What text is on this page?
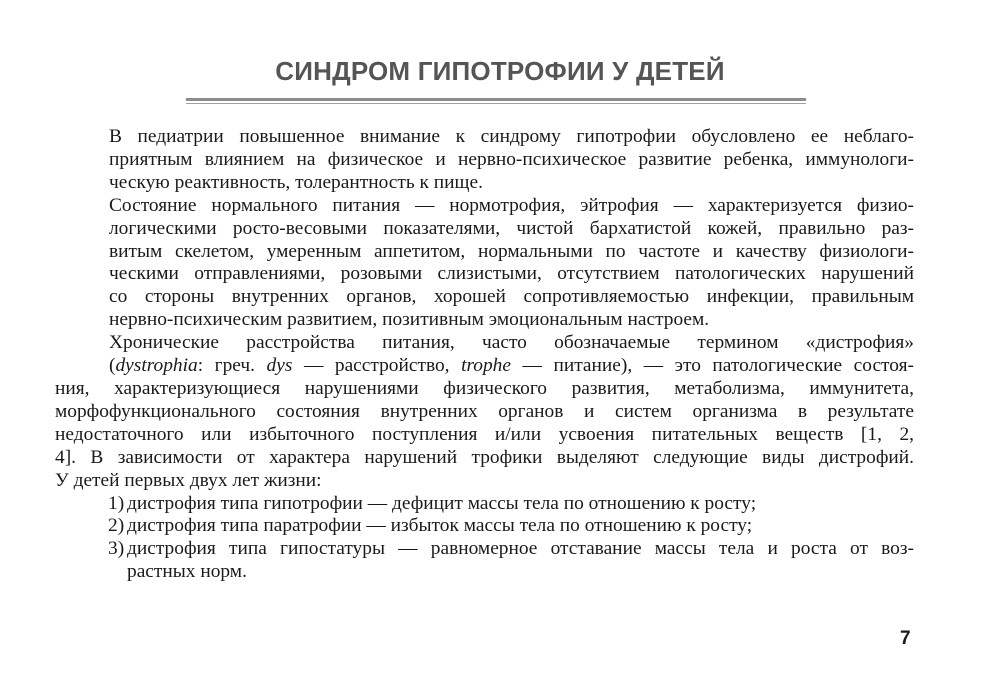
СИНДРОМ ГИПОТРОФИИ У ДЕТЕЙ

В педиатрии повышенное внимание к синдрому гипотрофии обусловлено ее неблаго-
приятным влиянием на физическое и нервно-психическое развитие ребенка, иммунологи-
ческую реактивность, толерантность к пище.

Состояние нормального питания — нормотрофия, эйтрофия — характеризуется физио-
логическими росто-весовыми показателями, чистой бархатистой кожей, правильно раз-
витым скелетом, умеренным аппетитом, нормальными по частоте и качеству физиологи-
ческими отправлениями, розовыми слизистыми, отсутствием патологических нарушений
со стороны внутренних органов, хорошей сопротивляемостью инфекции, правильным
нервно-психическим развитием, позитивным эмоциональным настроем.

Хронические расстройства питания, часто обозначаемые термином «дистрофия»
(dystrophia: греч. dys — расстройство, trophe — питание), — это патологические состоя-
ния, характеризующиеся нарушениями физического развития, метаболизма, иммунитета,
морфофункционального состояния внутренних органов и систем организма в результате
недостаточного или избыточного поступления и/или усвоения питательных веществ [1, 2,
4]. В зависимости от характера нарушений трофики выделяют следующие виды дистрофий.
У детей первых двух лет жизни:

1) дистрофия типа гипотрофии — дефицит массы тела по отношению к росту;
2) дистрофия типа паратрофии — избыток массы тела по отношению к росту;
3) дистрофия типа гипостатуры — равномерное отставание массы тела и роста от воз-
растных норм.
7
